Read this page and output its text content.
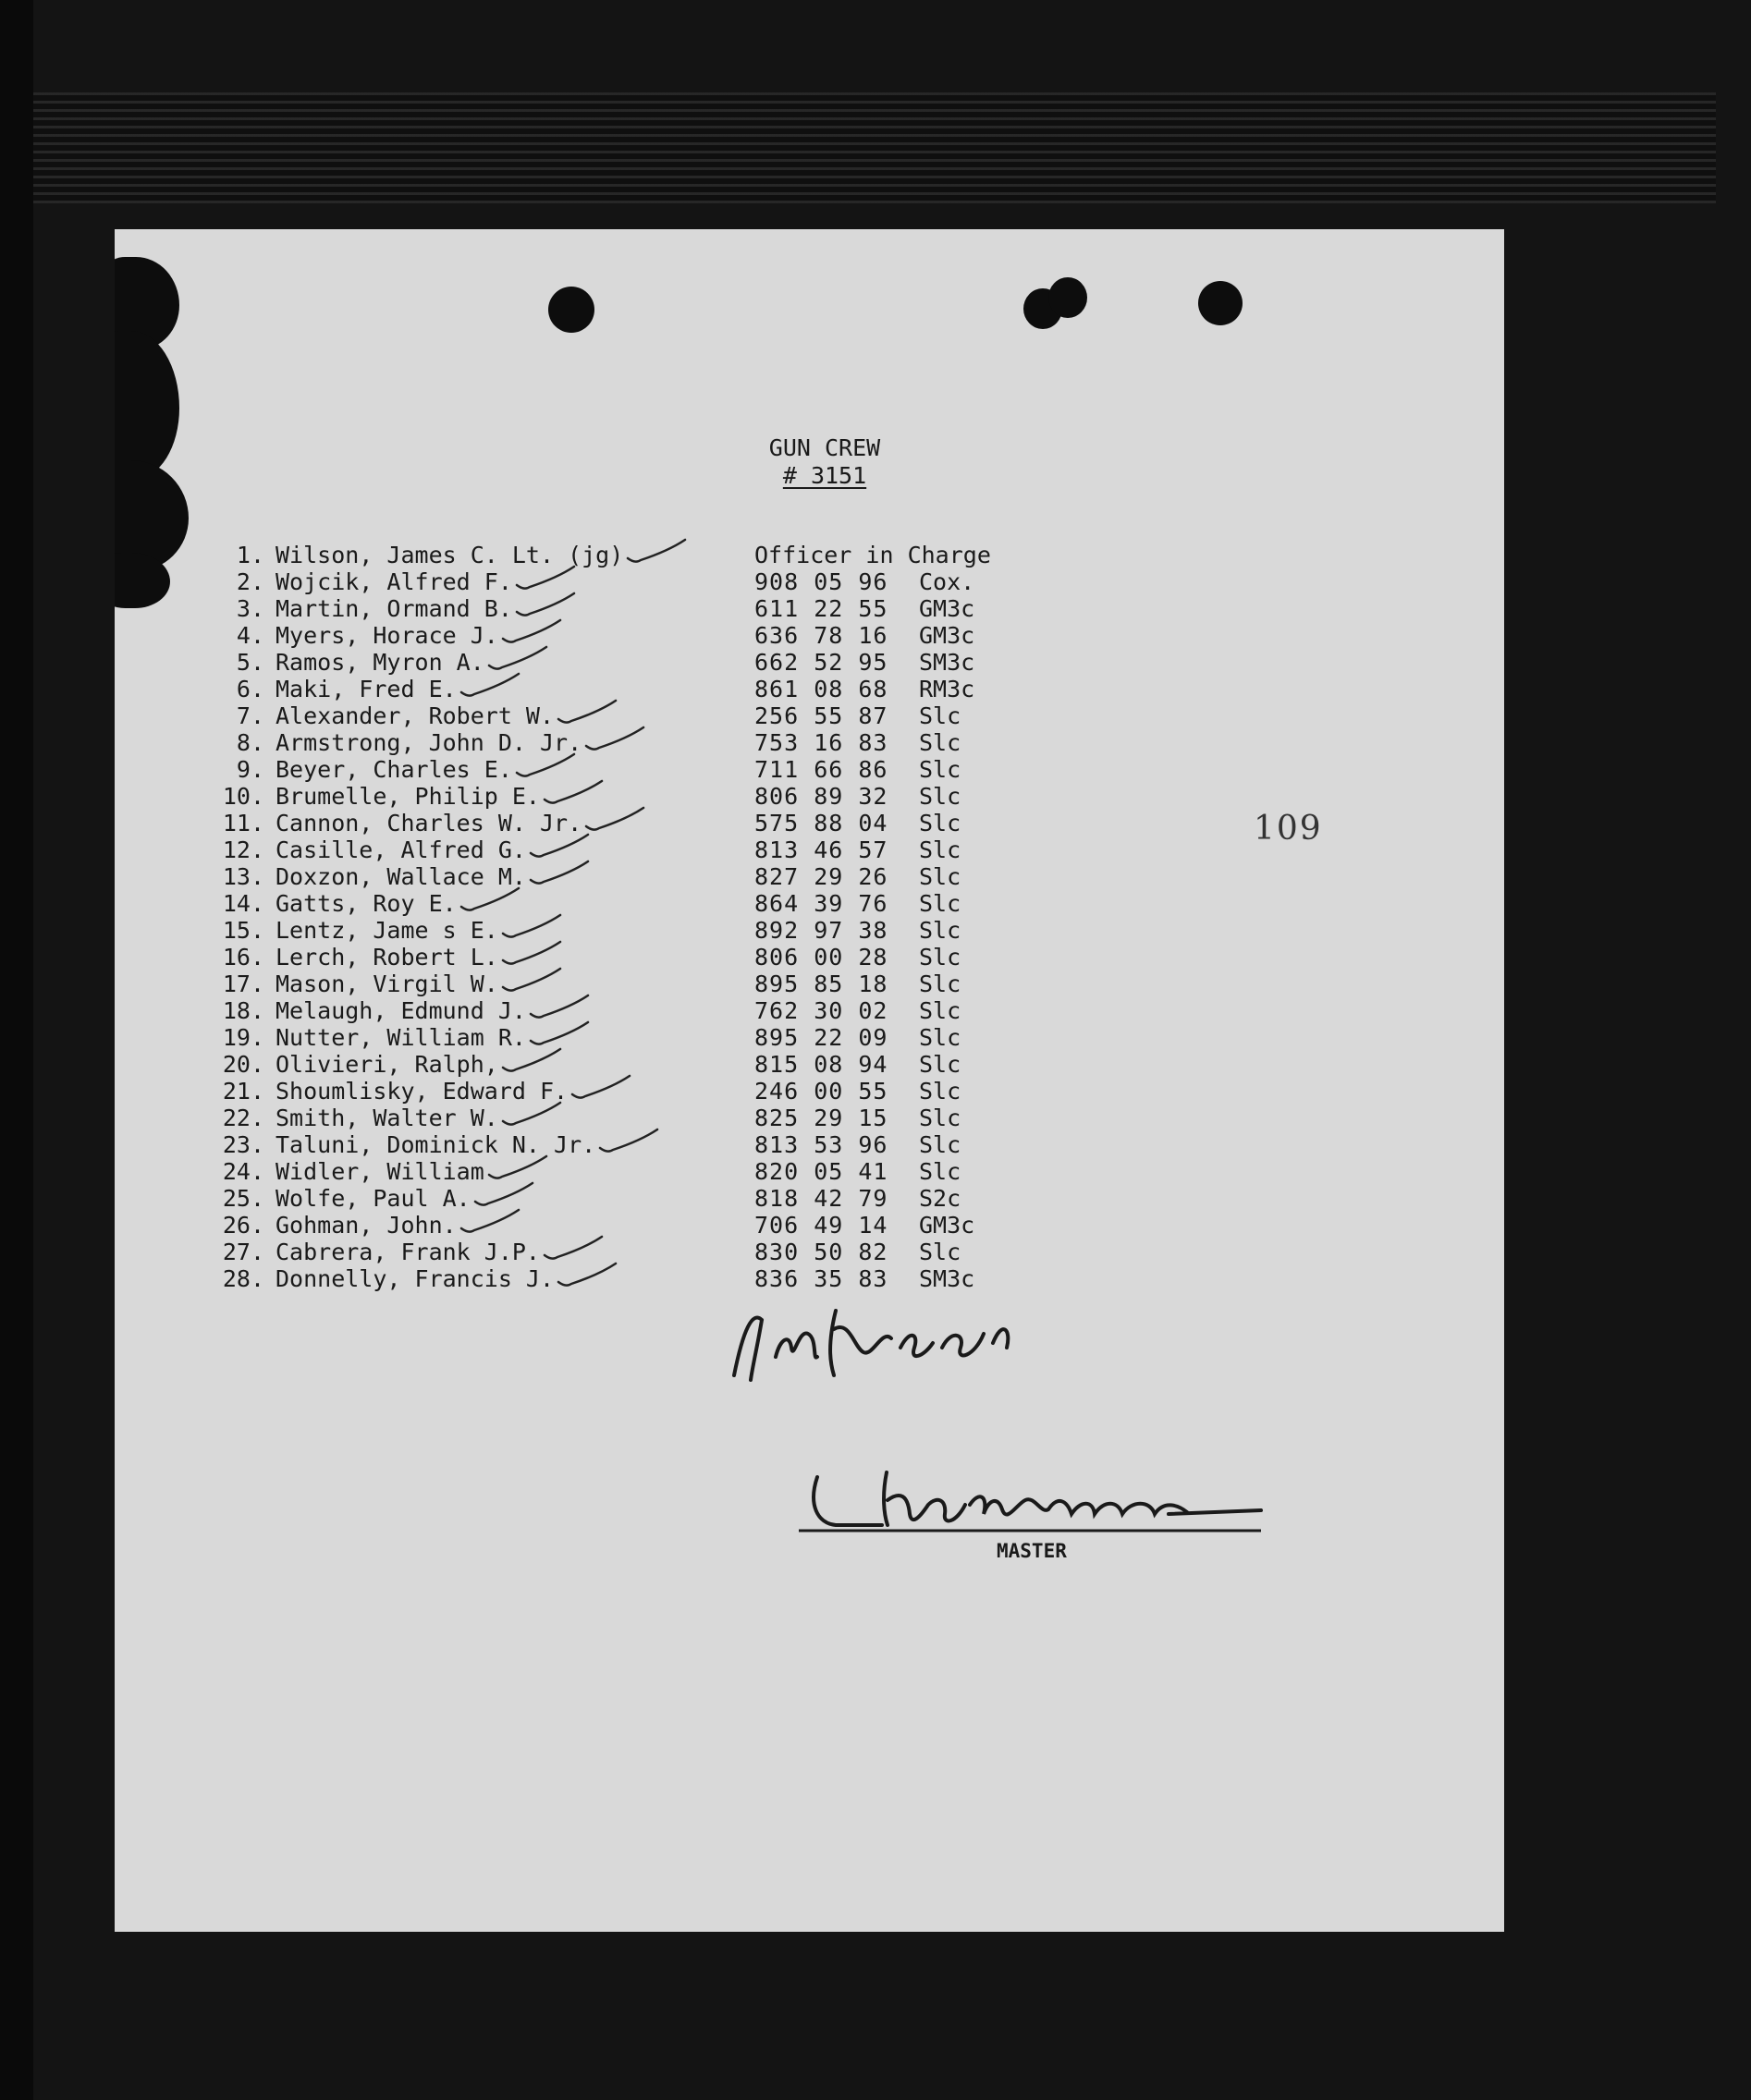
GUN CREW
# 3151
1. Wilson, James C. Lt. (jg)	Officer in Charge
2. Wojcik, Alfred F.	908 05 96	Cox.
3. Martin, Ormand B.	611 22 55	GM3c
4. Myers, Horace J.	636 78 16	GM3c
5. Ramos, Myron A.	662 52 95	SM3c
6. Maki, Fred E.	861 08 68	RM3c
7. Alexander, Robert W.	256 55 87	Slc
8. Armstrong, John D. Jr.	753 16 83	Slc
9. Beyer, Charles E.	711 66 86	Slc
10. Brumelle, Philip E.	806 89 32	Slc
11. Cannon, Charles W. Jr.	575 88 04	Slc
12. Casille, Alfred G.	813 46 57	Slc
13. Doxzon, Wallace M.	827 29 26	Slc
14. Gatts, Roy E.	864 39 76	Slc
15. Lentz, Jame s E.	892 97 38	Slc
16. Lerch, Robert L.	806 00 28	Slc
17. Mason, Virgil W.	895 85 18	Slc
18. Melaugh, Edmund J.	762 30 02	Slc
19. Nutter, William R.	895 22 09	Slc
20. Olivieri, Ralph,	815 08 94	Slc
21. Shoumlisky, Edward F.	246 00 55	Slc
22. Smith, Walter W.	825 29 15	Slc
23. Taluni, Dominick N. Jr.	813 53 96	Slc
24. Widler, William	820 05 41	Slc
25. Wolfe, Paul A.	818 42 79	S2c
26. Gohman, John.	706 49 14	GM3c
27. Cabrera, Frank J.P.	830 50 82	Slc
28. Donnelly, Francis J.	836 35 83	SM3c
109
MASTER
